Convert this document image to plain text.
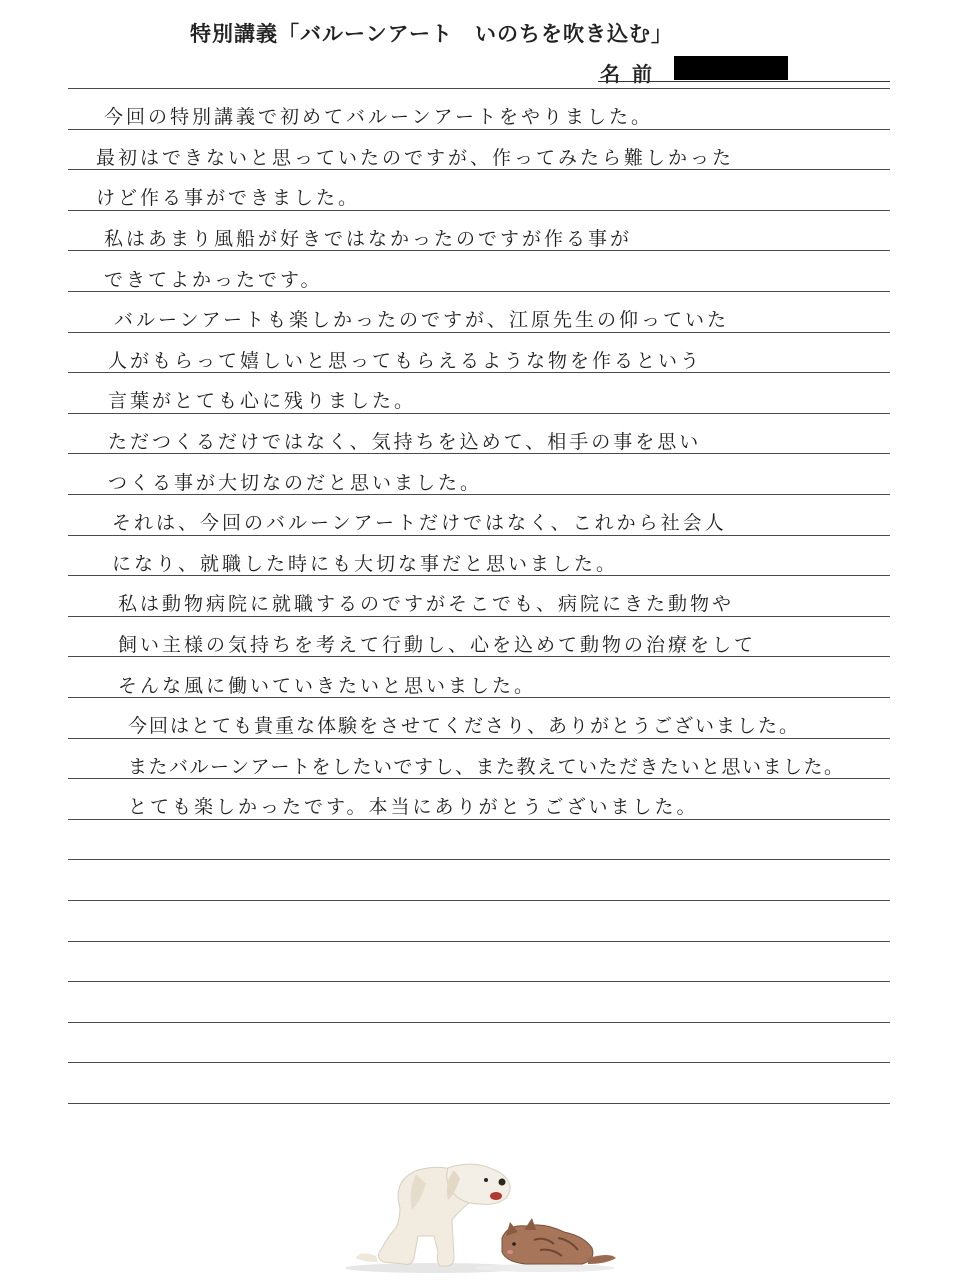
特別講義「バルーンアート　いのちを吹き込む」
名前
今回の特別講義で初めてバルーンアートをやりました。
最初はできないと思っていたのですが、作ってみたら難しかった
けど作る事ができました。
私はあまり風船が好きではなかったのですが作る事が
できてよかったです。
バルーンアートも楽しかったのですが、江原先生の仰っていた
人がもらって嬉しいと思ってもらえるような物を作るという
言葉がとても心に残りました。
ただつくるだけではなく、気持ちを込めて、相手の事を思い
つくる事が大切なのだと思いました。
それは、今回のバルーンアートだけではなく、これから社会人
になり、就職した時にも大切な事だと思いました。
私は動物病院に就職するのですがそこでも、病院にきた動物や
飼い主様の気持ちを考えて行動し、心を込めて動物の治療をして
そんな風に働いていきたいと思いました。
今回はとても貴重な体験をさせてくださり、ありがとうございました。
またバルーンアートをしたいですし、また教えていただきたいと思いました。
とても楽しかったです。本当にありがとうございました。
